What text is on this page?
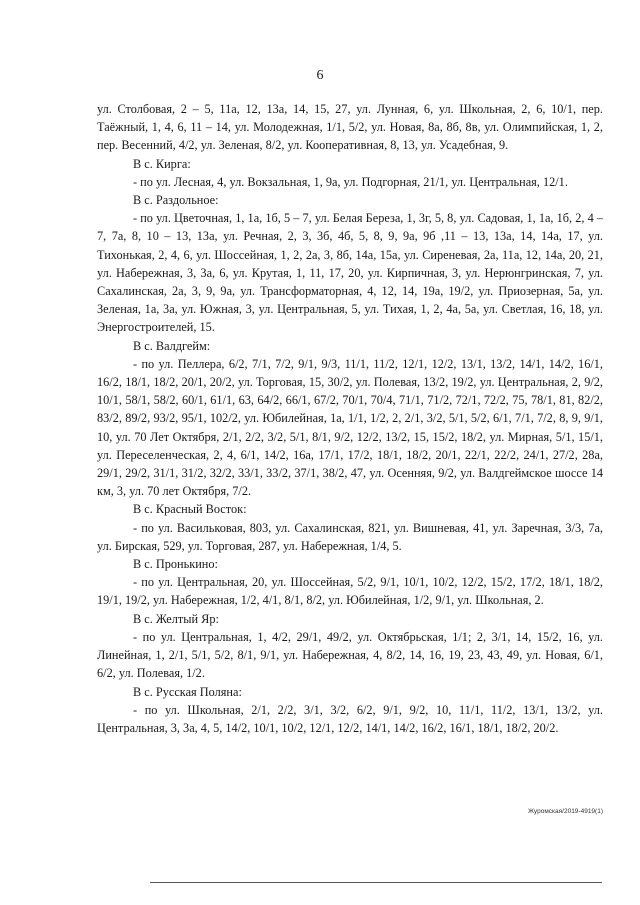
6

ул. Столбовая, 2 – 5, 11а, 12, 13а, 14, 15, 27, ул. Лунная, 6, ул. Школьная, 2, 6, 10/1, пер. Таёжный, 1, 4, 6, 11 – 14, ул. Молодежная, 1/1, 5/2, ул. Новая, 8а, 8б, 8в, ул. Олимпийская, 1, 2, пер. Весенний, 4/2, ул. Зеленая, 8/2, ул. Кооперативная, 8, 13, ул. Усадебная, 9.

В с. Кирга:

- по ул. Лесная, 4, ул. Вокзальная, 1, 9а, ул. Подгорная, 21/1, ул. Центральная, 12/1.

В с. Раздольное:

- по ул. Цветочная, 1, 1а, 1б, 5 – 7, ул. Белая Береза, 1, 3г, 5, 8, ул. Садовая, 1, 1а, 1б, 2, 4 – 7, 7а, 8, 10 – 13, 13а, ул. Речная, 2, 3, 3б, 4б, 5, 8, 9, 9а, 9б ,11 – 13, 13а, 14, 14а, 17, ул. Тихонькая, 2, 4, 6, ул. Шоссейная, 1, 2, 2а, 3, 8б, 14а, 15а, ул. Сиреневая, 2а, 11а, 12, 14а, 20, 21, ул. Набережная, 3, 3а, 6, ул. Крутая, 1, 11, 17, 20, ул. Кирпичная, 3, ул. Нерюнгринская, 7, ул. Сахалинская, 2а, 3, 9, 9а, ул. Трансформаторная, 4, 12, 14, 19а, 19/2, ул. Приозерная, 5а, ул. Зеленая, 1а, 3а, ул. Южная, 3, ул. Центральная, 5, ул. Тихая, 1, 2, 4а, 5а, ул. Светлая, 16, 18, ул. Энергостроителей, 15.

В с. Валдгейм:

- по ул. Пеллера, 6/2, 7/1, 7/2, 9/1, 9/3, 11/1, 11/2, 12/1, 12/2, 13/1, 13/2, 14/1, 14/2, 16/1, 16/2, 18/1, 18/2, 20/1, 20/2, ул. Торговая, 15, 30/2, ул. Полевая, 13/2, 19/2, ул. Центральная, 2, 9/2, 10/1, 58/1, 58/2, 60/1, 61/1, 63, 64/2, 66/1, 67/2, 70/1, 70/4, 71/1, 71/2, 72/1, 72/2, 75, 78/1, 81, 82/2, 83/2, 89/2, 93/2, 95/1, 102/2, ул. Юбилейная, 1а, 1/1, 1/2, 2, 2/1, 3/2, 5/1, 5/2, 6/1, 7/1, 7/2, 8, 9, 9/1, 10, ул. 70 Лет Октября, 2/1, 2/2, 3/2, 5/1, 8/1, 9/2, 12/2, 13/2, 15, 15/2, 18/2, ул. Мирная, 5/1, 15/1, ул. Переселенческая, 2, 4, 6/1, 14/2, 16а, 17/1, 17/2, 18/1, 18/2, 20/1, 22/1, 22/2, 24/1, 27/2, 28а, 29/1, 29/2, 31/1, 31/2, 32/2, 33/1, 33/2, 37/1, 38/2, 47, ул. Осенняя, 9/2, ул. Валдгеймское шоссе 14 км, 3, ул. 70 лет Октября, 7/2.

В с. Красный Восток:

- по ул. Васильковая, 803, ул. Сахалинская, 821, ул. Вишневая, 41, ул. Заречная, 3/3, 7а, ул. Бирская, 529, ул. Торговая, 287, ул. Набережная, 1/4, 5.

В с. Пронькино:

- по ул. Центральная, 20, ул. Шоссейная, 5/2, 9/1, 10/1, 10/2, 12/2, 15/2, 17/2, 18/1, 18/2, 19/1, 19/2, ул. Набережная, 1/2, 4/1, 8/1, 8/2, ул. Юбилейная, 1/2, 9/1, ул. Школьная, 2.

В с. Желтый Яр:

- по ул. Центральная, 1, 4/2, 29/1, 49/2, ул. Октябрьская, 1/1; 2, 3/1, 14, 15/2, 16, ул. Линейная, 1, 2/1, 5/1, 5/2, 8/1, 9/1, ул. Набережная, 4, 8/2, 14, 16, 19, 23, 43, 49, ул. Новая, 6/1, 6/2, ул. Полевая, 1/2.

В с. Русская Поляна:

- по ул. Школьная, 2/1, 2/2, 3/1, 3/2, 6/2, 9/1, 9/2, 10, 11/1, 11/2, 13/1, 13/2, ул. Центральная, 3, 3а, 4, 5, 14/2, 10/1, 10/2, 12/1, 12/2, 14/1, 14/2, 16/2, 16/1, 18/1, 18/2, 20/2.

Журомская/2019-4919(1)
